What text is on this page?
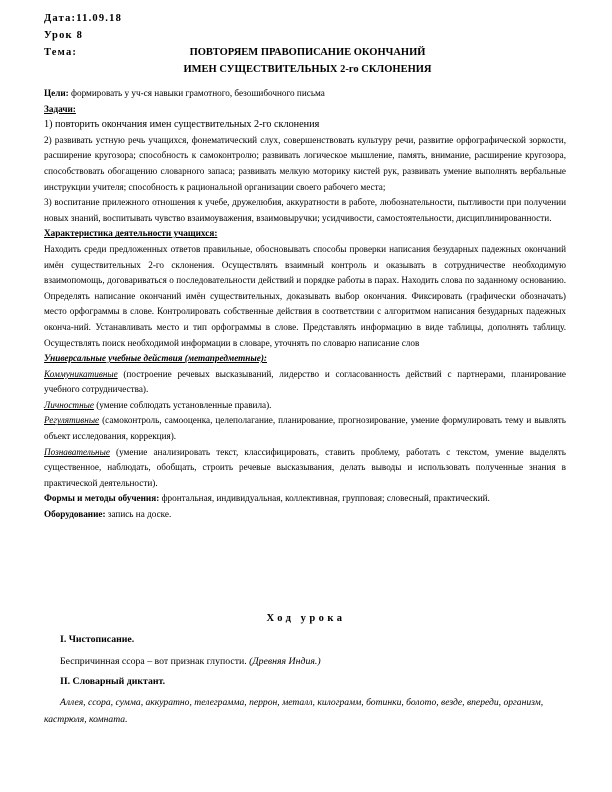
Дата:11.09.18
Урок 8
Тема:	ПОВТОРЯЕМ ПРАВОПИСАНИЕ ОКОНЧАНИЙ
ИМЕН СУЩЕСТВИТЕЛЬНЫХ 2-го СКЛОНЕНИЯ

Цели: формировать у уч-ся навыки грамотного, безошибочного письма

Задачи:

1) повторить окончания имен существительных 2-го склонения

2) развивать устную речь учащихся, фонематический слух, совершенствовать культуру речи, развитие орфографической зоркости, расширение кругозора; способность к самоконтролю; развивать логическое мышление, память, внимание, расширение кругозора, способствовать обогащению словарного запаса; развивать мелкую моторику кистей рук, развивать умение выполнять вербальные инструкции учителя; способность к рациональной организации своего рабочего места;

3) воспитание прилежного отношения к учебе, дружелюбия, аккуратности в работе, любознательности, пытливости при получении новых знаний, воспитывать чувство взаимоуважения, взаимовыручки; усидчивости, самостоятельности, дисциплинированности.

Характеристика деятельности учащихся:

Находить среди предложенных ответов правильные, обосновывать способы проверки написания безударных падежных окончаний имён существительных 2-го склонения. Осуществлять взаимный контроль и оказывать в сотрудничестве необходимую взаимопомощь, договариваться о последовательности действий и порядке работы в парах. Находить слова по заданному основанию. Определять написание окончаний имён существительных, доказывать выбор окончания. Фиксировать (графически обозначать) место орфограммы в слове. Контролировать собственные действия в соответствии с алгоритмом написания безударных падежных оконча-ний. Устанавливать место и тип орфограммы в слове. Представлять информацию в виде таблицы, дополнять таблицу. Осуществлять поиск необходимой информации в словаре, уточнять по словарю написание слов

Универсальные учебные действия (метапредметные):

Коммуникативные (построение речевых высказываний, лидерство и согласованность действий с партнерами, планирование учебного сотрудничества).

Личностные (умение соблюдать установленные правила).

Регулятивные (самоконтроль, самооценка, целеполагание, планирование, прогнозирование, умение формулировать тему и вывлять объект исследования, коррекция).

Познавательные (умение анализировать текст, классифицировать, ставить проблему, работать с текстом, умение выделять существенное, наблюдать, обобщать, строить речевые высказывания, делать выводы и использовать полученные знания в практической деятельности).

Формы и методы обучения: фронтальная, индивидуальная, коллективная, групповая; словесный, практический.

Оборудование: запись на доске.

Ход урока
I. Чистописание.
Беспричинная ссора – вот признак глупости. (Древняя Индия.)
II. Словарный диктант.
Аллея, ссора, сумма, аккуратно, телеграмма, перрон, металл, килограмм, ботинки, болото, везде, впереди, организм, кастрюля, комната.
